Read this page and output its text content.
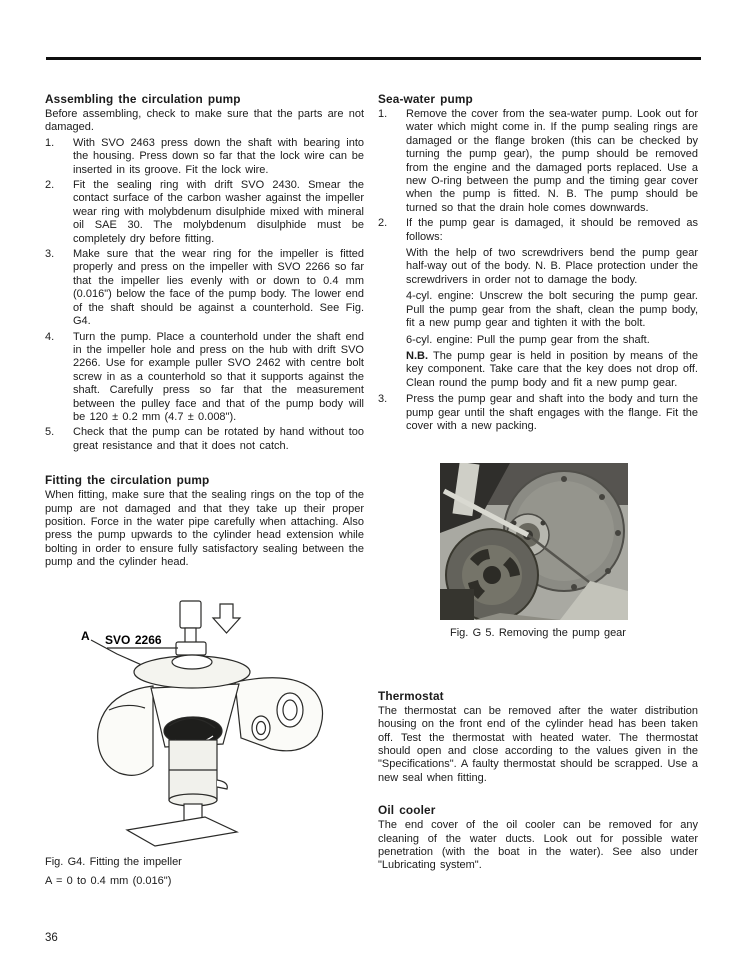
Assembling the circulation pump

Before assembling, check to make sure that the parts are not damaged.

1.	With SVO 2463 press down the shaft with bearing into the housing. Press down so far that the lock wire can be inserted in its groove. Fit the lock wire.
2.	Fit the sealing ring with drift SVO 2430. Smear the contact surface of the carbon washer against the impeller wear ring with molybdenum disulphide mixed with mineral oil SAE 30. The molybdenum disulphide must be completely dry before fitting.
3.	Make sure that the wear ring for the impeller is fitted properly and press on the impeller with SVO 2266 so far that the impeller lies evenly with or down to 0.4 mm (0.016") below the face of the pump body. The lower end of the shaft should be against a counterhold. See Fig. G4.
4.	Turn the pump. Place a counterhold under the shaft end in the impeller hole and press on the hub with drift SVO 2266. Use for example puller SVO 2462 with centre bolt screw in as a counterhold so that it supports against the shaft. Carefully press so far that the measurement between the pulley face and that of the pump body will be 120 ± 0.2 mm (4.7 ± 0.008").
5.	Check that the pump can be rotated by hand without too great resistance and that it does not catch.
Fitting the circulation pump

When fitting, make sure that the sealing rings on the top of the pump are not damaged and that they take up their proper position. Force in the water pipe carefully when attaching. Also press the pump upwards to the cylinder head extension while bolting in order to ensure fully satisfactory sealing between the pump and the cylinder head.

SVO 2266
A

Fig. G4. Fitting the impeller

A = 0 to 0.4 mm (0.016")

Sea-water pump
1.	Remove the cover from the sea-water pump. Look out for water which might come in. If the pump sealing rings are damaged or the flange broken (this can be checked by turning the pump gear), the pump should be removed from the engine and the damaged ports replaced. Use a new O-ring between the pump and the timing gear cover when the pump is fitted. N. B. The pump should be turned so that the drain hole comes downwards.
2.	If the pump gear is damaged, it should be removed as follows:

With the help of two screwdrivers bend the pump gear half-way out of the body. N. B. Place protection under the screwdrivers in order not to damage the body.

4-cyl. engine: Unscrew the bolt securing the pump gear. Pull the pump gear from the shaft, clean the pump body, fit a new pump gear and tighten it with the bolt.

6-cyl. engine: Pull the pump gear from the shaft.

N.B. The pump gear is held in position by means of the key component. Take care that the key does not drop off. Clean round the pump body and fit a new pump gear.

3.	Press the pump gear and shaft into the body and turn the pump gear until the shaft engages with the flange. Fit the cover with a new packing.

Fig. G 5. Removing the pump gear

Thermostat

The thermostat can be removed after the water distribution housing on the front end of the cylinder head has been taken off. Test the thermostat with heated water. The thermostat should open and close according to the values given in the "Specifications". A faulty thermostat should be scrapped. Use a new seal when fitting.

Oil cooler

The end cover of the oil cooler can be removed for any cleaning of the water ducts. Look out for possible water penetration (with the boat in the water). See also under "Lubricating system".

36
